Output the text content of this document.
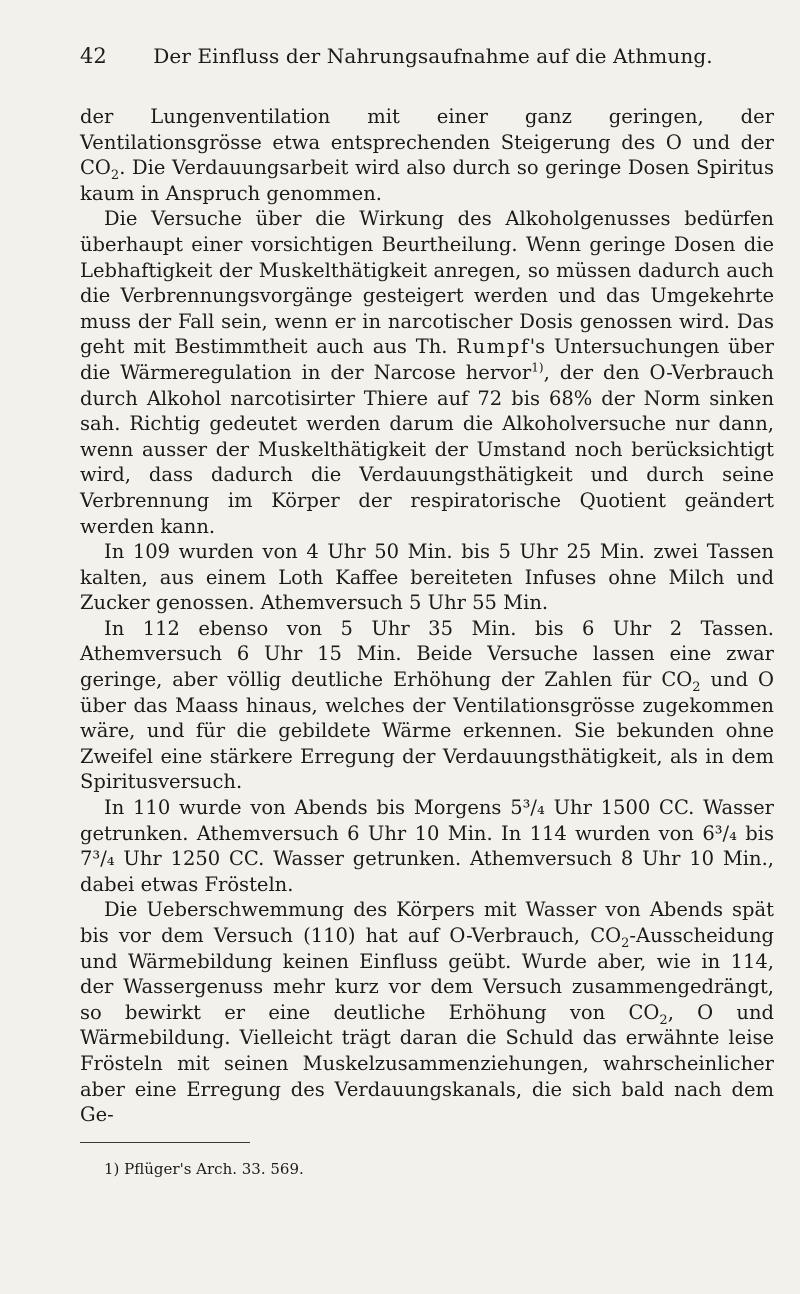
42	Der Einfluss der Nahrungsaufnahme auf die Athmung.

der Lungenventilation mit einer ganz geringen, der Ventilationsgrösse etwa entsprechenden Steigerung des O und der $CO_2$. Die Verdauungsarbeit wird also durch so geringe Dosen Spiritus kaum in Anspruch genommen.

Die Versuche über die Wirkung des Alkoholgenusses bedürfen überhaupt einer vorsichtigen Beurtheilung. Wenn geringe Dosen die Lebhaftigkeit der Muskelthätigkeit anregen, so müssen dadurch auch die Verbrennungsvorgänge gesteigert werden und das Umgekehrte muss der Fall sein, wenn er in narcotischer Dosis genossen wird. Das geht mit Bestimmtheit auch aus Th. Rumpf's Untersuchungen über die Wärmeregulation in der Narcose hervor$^{1)}$, der den O-Verbrauch durch Alkohol narcotisirter Thiere auf 72 bis 68% der Norm sinken sah. Richtig gedeutet werden darum die Alkoholversuche nur dann, wenn ausser der Muskelthätigkeit der Umstand noch berücksichtigt wird, dass dadurch die Verdauungsthätigkeit und durch seine Verbrennung im Körper der respiratorische Quotient geändert werden kann.

In 109 wurden von 4 Uhr 50 Min. bis 5 Uhr 25 Min. zwei Tassen kalten, aus einem Loth Kaffee bereiteten Infuses ohne Milch und Zucker genossen. Athemversuch 5 Uhr 55 Min.

In 112 ebenso von 5 Uhr 35 Min. bis 6 Uhr 2 Tassen. Athemversuch 6 Uhr 15 Min. Beide Versuche lassen eine zwar geringe, aber völlig deutliche Erhöhung der Zahlen für $CO_2$ und O über das Maass hinaus, welches der Ventilationsgrösse zugekommen wäre, und für die gebildete Wärme erkennen. Sie bekunden ohne Zweifel eine stärkere Erregung der Verdauungsthätigkeit, als in dem Spiritusversuch.

In 110 wurde von Abends bis Morgens 5³/₄ Uhr 1500 CC. Wasser getrunken. Athemversuch 6 Uhr 10 Min. In 114 wurden von 6³/₄ bis 7³/₄ Uhr 1250 CC. Wasser getrunken. Athemversuch 8 Uhr 10 Min., dabei etwas Frösteln.

Die Ueberschwemmung des Körpers mit Wasser von Abends spät bis vor dem Versuch (110) hat auf O-Verbrauch, $CO_2$-Ausscheidung und Wärmebildung keinen Einfluss geübt. Wurde aber, wie in 114, der Wassergenuss mehr kurz vor dem Versuch zusammengedrängt, so bewirkt er eine deutliche Erhöhung von $CO_2$, O und Wärmebildung. Vielleicht trägt daran die Schuld das erwähnte leise Frösteln mit seinen Muskelzusammenziehungen, wahrscheinlicher aber eine Erregung des Verdauungskanals, die sich bald nach dem Ge-

1) Pflüger's Arch. 33. 569.
